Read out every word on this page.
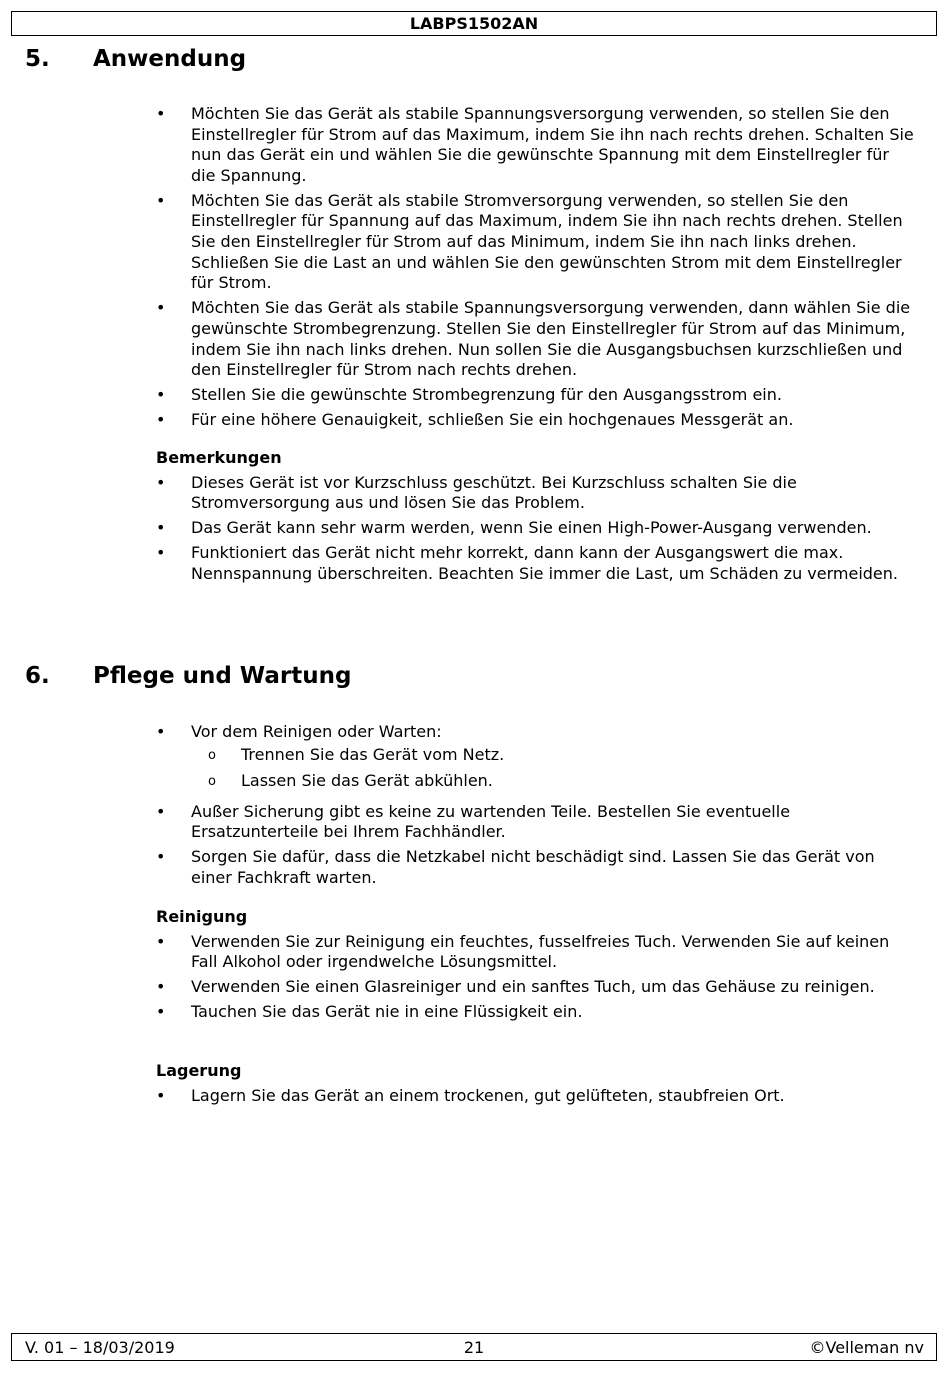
LABPS1502AN
5. Anwendung
• Möchten Sie das Gerät als stabile Spannungsversorgung verwenden, so stellen Sie den Einstellregler für Strom auf das Maximum, indem Sie ihn nach rechts drehen. Schalten Sie nun das Gerät ein und wählen Sie die gewünschte Spannung mit dem Einstellregler für die Spannung.
• Möchten Sie das Gerät als stabile Stromversorgung verwenden, so stellen Sie den Einstellregler für Spannung auf das Maximum, indem Sie ihn nach rechts drehen. Stellen Sie den Einstellregler für Strom auf das Minimum, indem Sie ihn nach links drehen. Schließen Sie die Last an und wählen Sie den gewünschten Strom mit dem Einstellregler für Strom.
• Möchten Sie das Gerät als stabile Spannungsversorgung verwenden, dann wählen Sie die gewünschte Strombegrenzung. Stellen Sie den Einstellregler für Strom auf das Minimum, indem Sie ihn nach links drehen. Nun sollen Sie die Ausgangsbuchsen kurzschließen und den Einstellregler für Strom nach rechts drehen.
• Stellen Sie die gewünschte Strombegrenzung für den Ausgangsstrom ein.
• Für eine höhere Genauigkeit, schließen Sie ein hochgenaues Messgerät an.
Bemerkungen
• Dieses Gerät ist vor Kurzschluss geschützt. Bei Kurzschluss schalten Sie die Stromversorgung aus und lösen Sie das Problem.
• Das Gerät kann sehr warm werden, wenn Sie einen High-Power-Ausgang verwenden.
• Funktioniert das Gerät nicht mehr korrekt, dann kann der Ausgangswert die max. Nennspannung überschreiten. Beachten Sie immer die Last, um Schäden zu vermeiden.
6. Pflege und Wartung
• Vor dem Reinigen oder Warten:
o Trennen Sie das Gerät vom Netz.
o Lassen Sie das Gerät abkühlen.
• Außer Sicherung gibt es keine zu wartenden Teile. Bestellen Sie eventuelle Ersatzunterteile bei Ihrem Fachhändler.
• Sorgen Sie dafür, dass die Netzkabel nicht beschädigt sind. Lassen Sie das Gerät von einer Fachkraft warten.
Reinigung
• Verwenden Sie zur Reinigung ein feuchtes, fusselfreies Tuch. Verwenden Sie auf keinen Fall Alkohol oder irgendwelche Lösungsmittel.
• Verwenden Sie einen Glasreiniger und ein sanftes Tuch, um das Gehäuse zu reinigen.
• Tauchen Sie das Gerät nie in eine Flüssigkeit ein.
Lagerung
• Lagern Sie das Gerät an einem trockenen, gut gelüfteten, staubfreien Ort.
V. 01 – 18/03/2019	21	©Velleman nv
